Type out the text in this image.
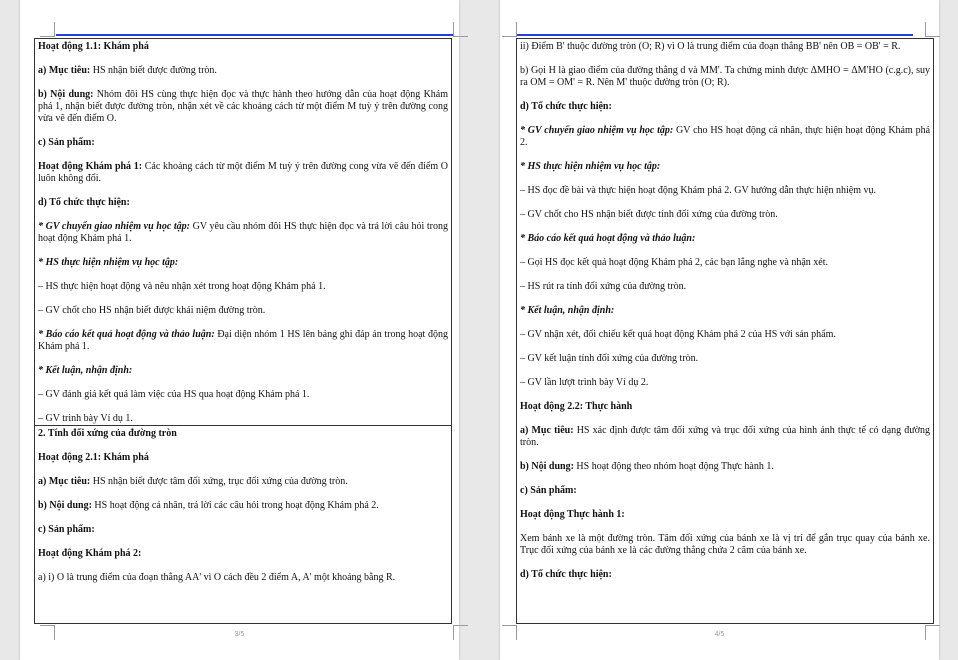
Hoạt động 1.1: Khám phá
a) Mục tiêu: HS nhận biết được đường tròn.
b) Nội dung: Nhóm đôi HS cùng thực hiện đọc và thực hành theo hướng dẫn của hoạt động Khám phá 1, nhận biết được đường tròn, nhận xét về các khoảng cách từ một điểm M tuỳ ý trên đường cong vừa vẽ đến điểm O.
c) Sản phẩm:
Hoạt động Khám phá 1: Các khoảng cách từ một điểm M tuỳ ý trên đường cong vừa vẽ đến điểm O luôn không đổi.
d) Tổ chức thực hiện:
* GV chuyển giao nhiệm vụ học tập: GV yêu cầu nhóm đôi HS thực hiện đọc và trả lời câu hỏi trong hoạt động Khám phá 1.
* HS thực hiện nhiệm vụ học tập:
– HS thực hiện hoạt động và nêu nhận xét trong hoạt động Khám phá 1.
– GV chốt cho HS nhận biết được khái niệm đường tròn.
* Báo cáo kết quả hoạt động và thảo luận: Đại diện nhóm 1 HS lên bảng ghi đáp án trong hoạt động Khám phá 1.
* Kết luận, nhận định:
– GV đánh giá kết quả làm việc của HS qua hoạt động Khám phá 1.
– GV trình bày Ví dụ 1.
2. Tính đối xứng của đường tròn
Hoạt động 2.1: Khám phá
a) Mục tiêu: HS nhận biết được tâm đối xứng, trục đối xứng của đường tròn.
b) Nội dung: HS hoạt động cá nhân, trả lời các câu hỏi trong hoạt động Khám phá 2.
c) Sản phẩm:
Hoạt động Khám phá 2:
a) i) O là trung điểm của đoạn thẳng AA' vì O cách đều 2 điểm A, A' một khoảng bằng R.
3/5
ii) Điểm B' thuộc đường tròn (O; R) vì O là trung điểm của đoạn thẳng BB' nên OB = OB' = R.
b) Gọi H là giao điểm của đường thẳng d và MM'. Ta chứng minh được ΔMHO = ΔM'HO (c.g.c), suy ra OM = OM' = R. Nên M' thuộc đường tròn (O; R).
d) Tổ chức thực hiện:
* GV chuyển giao nhiệm vụ học tập: GV cho HS hoạt động cá nhân, thực hiện hoạt động Khám phá 2.
* HS thực hiện nhiệm vụ học tập:
– HS đọc đề bài và thực hiện hoạt động Khám phá 2. GV hướng dẫn thực hiện nhiệm vụ.
– GV chốt cho HS nhận biết được tính đối xứng của đường tròn.
* Báo cáo kết quả hoạt động và thảo luận:
– Gọi HS đọc kết quả hoạt động Khám phá 2, các bạn lắng nghe và nhận xét.
– HS rút ra tính đối xứng của đường tròn.
* Kết luận, nhận định:
– GV nhận xét, đối chiếu kết quả hoạt động Khám phá 2 của HS với sản phẩm.
– GV kết luận tính đối xứng của đường tròn.
– GV lần lượt trình bày Ví dụ 2.
Hoạt động 2.2: Thực hành
a) Mục tiêu: HS xác định được tâm đối xứng và trục đối xứng của hình ảnh thực tế có dạng đường tròn.
b) Nội dung: HS hoạt động theo nhóm hoạt động Thực hành 1.
c) Sản phẩm:
Hoạt động Thực hành 1:
Xem bánh xe là một đường tròn. Tâm đối xứng của bánh xe là vị trí để gắn trục quay của bánh xe. Trục đối xứng của bánh xe là các đường thẳng chứa 2 căm của bánh xe.
d) Tổ chức thực hiện:
4/5
